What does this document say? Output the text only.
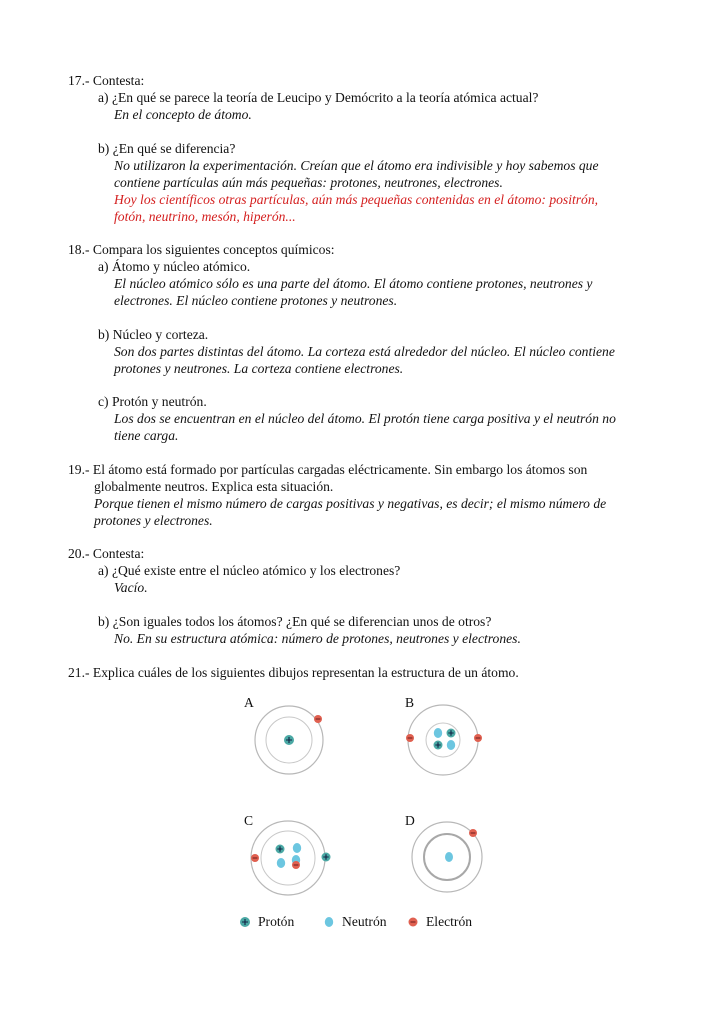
17.- Contesta:
a) ¿En qué se parece la teoría de Leucipo y Demócrito a la teoría atómica actual?
En el concepto de átomo.
b) ¿En qué se diferencia?
No utilizaron la experimentación. Creían que el átomo era indivisible y hoy sabemos que
contiene partículas aún más pequeñas: protones, neutrones, electrones.
Hoy los científicos otras partículas, aún más pequeñas contenidas en el átomo: positrón,
fotón, neutrino, mesón, hiperón...
18.- Compara los siguientes conceptos químicos:
a) Átomo y núcleo atómico.
El núcleo atómico sólo es una parte del átomo. El átomo contiene protones, neutrones y
electrones. El núcleo contiene protones y neutrones.
b) Núcleo y corteza.
Son dos partes distintas del átomo. La corteza está alrededor del núcleo. El núcleo contiene
protones y neutrones. La corteza contiene electrones.
c) Protón y neutrón.
Los dos se encuentran en el núcleo del átomo. El protón tiene carga positiva y el neutrón no
tiene carga.
19.- El átomo está formado por partículas cargadas eléctricamente. Sin embargo los átomos son
globalmente neutros. Explica esta situación.
Porque tienen el mismo número de cargas positivas y negativas, es decir; el mismo número de
protones y electrones.
20.- Contesta:
a) ¿Qué existe entre el núcleo atómico y los electrones?
Vacío.
b) ¿Son iguales todos los átomos? ¿En qué se diferencian unos de otros?
No. En su estructura atómica: número de protones, neutrones y electrones.
21.- Explica cuáles de los siguientes dibujos representan la estructura de un átomo.
A	B
C	D
Protón	Neutrón	Electrón
